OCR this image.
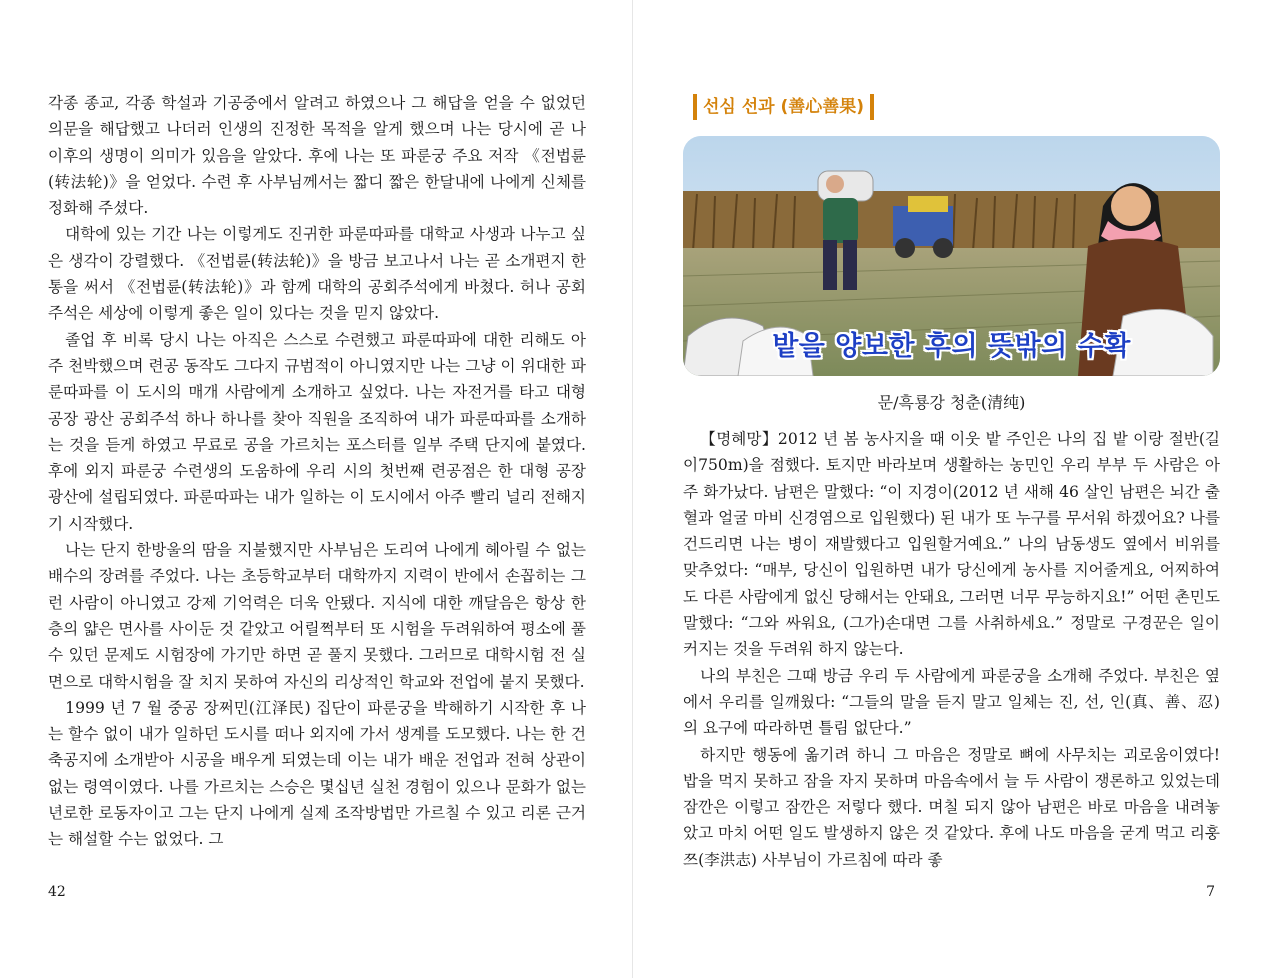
각종 종교, 각종 학설과 기공중에서 알려고 하였으나 그 해답을 얻을 수 없었던 의문을 해답했고 나더러 인생의 진정한 목적을 알게 했으며 나는 당시에 곧 나 이후의 생명이 의미가 있음을 알았다. 후에 나는 또 파룬궁 주요 저작 《전법륜(转法轮)》을 얻었다. 수련 후 사부님께서는 짧디 짧은 한달내에 나에게 신체를 정화해 주셨다.

대학에 있는 기간 나는 이렇게도 진귀한 파룬따파를 대학교 사생과 나누고 싶은 생각이 강렬했다. 《전법륜(转法轮)》을 방금 보고나서 나는 곧 소개편지 한통을 써서 《전법륜(转法轮)》과 함께 대학의 공회주석에게 바쳤다. 허나 공회주석은 세상에 이렇게 좋은 일이 있다는 것을 믿지 않았다.

졸업 후 비록 당시 나는 아직은 스스로 수련했고 파룬따파에 대한 리해도 아주 천박했으며 련공 동작도 그다지 규범적이 아니였지만 나는 그냥 이 위대한 파룬따파를 이 도시의 매개 사람에게 소개하고 싶었다. 나는 자전거를 타고 대형 공장 광산 공회주석 하나 하나를 찾아 직원을 조직하여 내가 파룬따파를 소개하는 것을 듣게 하였고 무료로 공을 가르치는 포스터를 일부 주택 단지에 붙였다. 후에 외지 파룬궁 수련생의 도움하에 우리 시의 첫번째 련공점은 한 대형 공장 광산에 설립되였다. 파룬따파는 내가 일하는 이 도시에서 아주 빨리 널리 전해지기 시작했다.

나는 단지 한방울의 땀을 지불했지만 사부님은 도리여 나에게 헤아릴 수 없는 배수의 장려를 주었다. 나는 초등학교부터 대학까지 지력이 반에서 손꼽히는 그런 사람이 아니였고 강제 기억력은 더욱 안됐다. 지식에 대한 깨달음은 항상 한층의 얇은 면사를 사이둔 것 같았고 어릴쩍부터 또 시험을 두려워하여 평소에 풀 수 있던 문제도 시험장에 가기만 하면 곧 풀지 못했다. 그러므로 대학시험 전 실면으로 대학시험을 잘 치지 못하여 자신의 리상적인 학교와 전업에 붙지 못했다.

1999 년 7 월 중공 장쩌민(江泽民) 집단이 파룬궁을 박해하기 시작한 후 나는 할수 없이 내가 일하던 도시를 떠나 외지에 가서 생계를 도모했다. 나는 한 건축공지에 소개받아 시공을 배우게 되였는데 이는 내가 배운 전업과 전혀 상관이 없는 령역이였다. 나를 가르치는 스승은 몇십년 실천 경험이 있으나 문화가 없는 년로한 로동자이고 그는 단지 나에게 실제 조작방법만 가르칠 수 있고 리론 근거는 해설할 수는 없었다. 그

42
선심 선과 (善心善果)
밭을 양보한 후의 뜻밖의 수확
문/흑룡강 청춘(清纯)

【명혜망】2012 년 봄 농사지을 때 이웃 밭 주인은 나의 집 밭 이랑 절반(길이750m)을 점했다. 토지만 바라보며 생활하는 농민인 우리 부부 두 사람은 아주 화가났다. 남편은 말했다: “이 지경이(2012 년 새해 46 살인 남편은 뇌간 출혈과 얼굴 마비 신경염으로 입원했다) 된 내가 또 누구를 무서워 하겠어요? 나를 건드리면 나는 병이 재발했다고 입원할거예요.” 나의 남동생도 옆에서 비위를 맞추었다: “매부, 당신이 입원하면 내가 당신에게 농사를 지어줄게요, 어찌하여도 다른 사람에게 없신 당해서는 안돼요, 그러면 너무 무능하지요!” 어떤 촌민도 말했다: “그와 싸워요, (그가)손대면 그를 사취하세요.” 정말로 구경꾼은 일이 커지는 것을 두려워 하지 않는다.

나의 부친은 그때 방금 우리 두 사람에게 파룬궁을 소개해 주었다. 부친은 옆에서 우리를 일깨웠다: “그들의 말을 듣지 말고 일체는 진, 선, 인(真、善、忍)의 요구에 따라하면 틀림 없단다.”

하지만 행동에 옮기려 하니 그 마음은 정말로 뼈에 사무치는 괴로움이였다! 밥을 먹지 못하고 잠을 자지 못하며 마음속에서 늘 두 사람이 쟁론하고 있었는데 잠깐은 이렇고 잠깐은 저렇다 했다. 며칠 되지 않아 남편은 바로 마음을 내려놓았고 마치 어떤 일도 발생하지 않은 것 같았다. 후에 나도 마음을 굳게 먹고 리훙쯔(李洪志) 사부님이 가르침에 따라 좋

7
